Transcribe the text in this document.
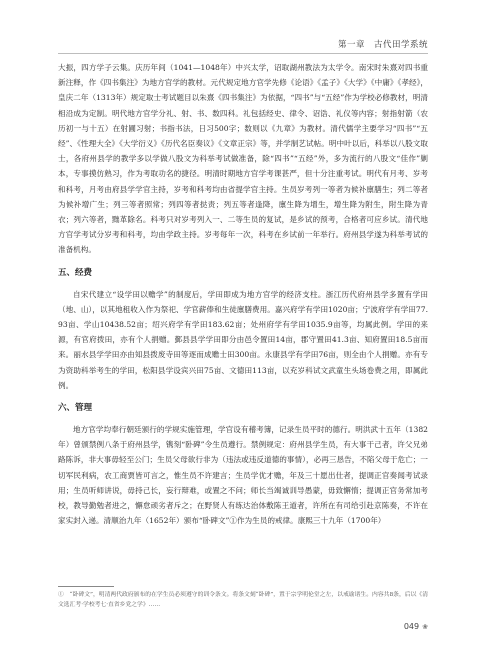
第一章　古代田学系统

大振，四方学子云集。庆历年间（1041—1048年）中兴太学，诏取湖州教法为太学令。南宋时朱熹对四书重新注释，作《四书集注》为地方官学的教材。元代规定地方官学先修《论语》《孟子》《大学》《中庸》《孝经》，皇庆二年（1313年）规定取士考试题目以朱熹《四书集注》为依据，“四书”与“五经”作为学校必修教材，明清相沿成为定制。明代地方官学分礼、射、书、数四科。礼包括经史、律令、诏诰、礼仪等内容；射指射箭（农历初一与十五）在射圃习射；书指书法，日习500字；数则以《九章》为教材。清代儒学主要学习“四书”“五经”、《性理大全》《大学衍义》《历代名臣奏议》《文章正宗》等，并学制艺试帖。明中叶以后，科举以八股文取士，各府州县学的教学多以学做八股文为科举考试做准备，除“四书”“五经”外，多为流行的八股文“佳作”剿本，专事摸仿熟习，作为考取功名的捷径。明清时期地方官学考课甚严，但十分注重考试。明代有月考、岁考和科考，月考由府县学学官主持，岁考和科考均由省提学官主持。生员岁考列一等者为候补廪膳生；列二等者为候补增广生；列三等者照常；列四等者挞责；列五等者逢降，廪生降为增生，增生降为附生，附生降为青衣；列六等者，黜革除名。科考只对岁考列入一、二等生员的复试，是乡试的预考，合格者可应乡试。清代地方官学考试分岁考和科考，均由学政主持。岁考每年一次，科考在乡试前一年举行。府州县学遂为科举考试的准备机构。

五、经费

自宋代建立“设学田以赡学”的制度后，学田即成为地方官学的经济支柱。浙江历代府州县学多置有学田（地、山），以其地租收入作为祭祀、学官薪俸和生徒廪膳费用。嘉兴府学有学田1020亩；宁波府学有学田77.93亩、学山10438.52亩；绍兴府学有学田183.62亩；处州府学有学田1035.9亩等，均属此例。学田的来源，有官府拨田，亦有个人捐赠。鄞县县学学田即分由邑令置田14亩，郡守置田41.3亩、知府置田18.5亩而来。丽水县学学田亦由知县拨废寺田等逐而成赡士田300亩。永康县学有学田76亩，则全由个人捐赠。亦有专为资助科举考生的学田，松阳县学设宾兴田75亩、文德田113亩，以充岁科试文武童生头场卷费之用，即属此例。

六、管理

地方官学均奉行朝廷颁行的学规实施管理，学官设有稽考簿，记录生员平时的德行。明洪武十五年（1382年）曾颁禁例八条于府州县学，镌刻“卧碑”令生员遵行。禁例规定：府州县学生员，有大事干己者，许父兄弟路陈诉，非大事毋轻至公门；生员父母欲行非为（违法或违反道德的事情），必再三恳告，不陷父母于危亡；一切军民利病，农工商贾皆可言之，惟生员不许建言；生员学优才赡，年及三十愿出仕者，提调正官奏闻考试录用；生员听师讲说，毋持己长，妄行辩难，或置之不问；师长当竭诚训导愚蒙，毋致懈惰；提调正官务常加考校，教导勤勉者进之，懈怠顽劣者斥之；在野贤人有练达治体敷陈王道者，许所在有司给引赴京陈奏，不许在家实封入递。清顺治九年（1652年）颁布“卧碑文”①作为生员的戒律。康熙三十九年（1700年）

①　“卧碑文”，明清两代政府颁布的在学生员必须遵守的训令条文。将条文刻“卧碑”，置于宗学明伦堂之左，以戒谕诸生。内容共8条，后以《清文选汇考·学校考七·直省乡党之学》……
049 ❀
